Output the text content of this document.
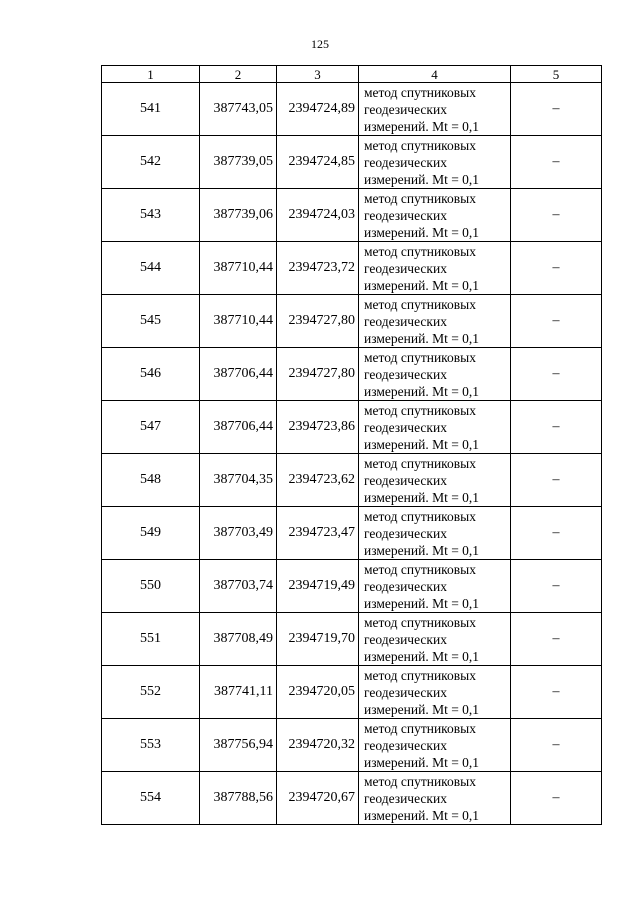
125
1	2	3	4	5
541	387743,05	2394724,89	метод спутниковых
геодезических
измерений. Mt = 0,1	–
542	387739,05	2394724,85	метод спутниковых
геодезических
измерений. Mt = 0,1	–
543	387739,06	2394724,03	метод спутниковых
геодезических
измерений. Mt = 0,1	–
544	387710,44	2394723,72	метод спутниковых
геодезических
измерений. Mt = 0,1	–
545	387710,44	2394727,80	метод спутниковых
геодезических
измерений. Mt = 0,1	–
546	387706,44	2394727,80	метод спутниковых
геодезических
измерений. Mt = 0,1	–
547	387706,44	2394723,86	метод спутниковых
геодезических
измерений. Mt = 0,1	–
548	387704,35	2394723,62	метод спутниковых
геодезических
измерений. Mt = 0,1	–
549	387703,49	2394723,47	метод спутниковых
геодезических
измерений. Mt = 0,1	–
550	387703,74	2394719,49	метод спутниковых
геодезических
измерений. Mt = 0,1	–
551	387708,49	2394719,70	метод спутниковых
геодезических
измерений. Mt = 0,1	–
552	387741,11	2394720,05	метод спутниковых
геодезических
измерений. Mt = 0,1	–
553	387756,94	2394720,32	метод спутниковых
геодезических
измерений. Mt = 0,1	–
554	387788,56	2394720,67	метод спутниковых
геодезических
измерений. Mt = 0,1	–
